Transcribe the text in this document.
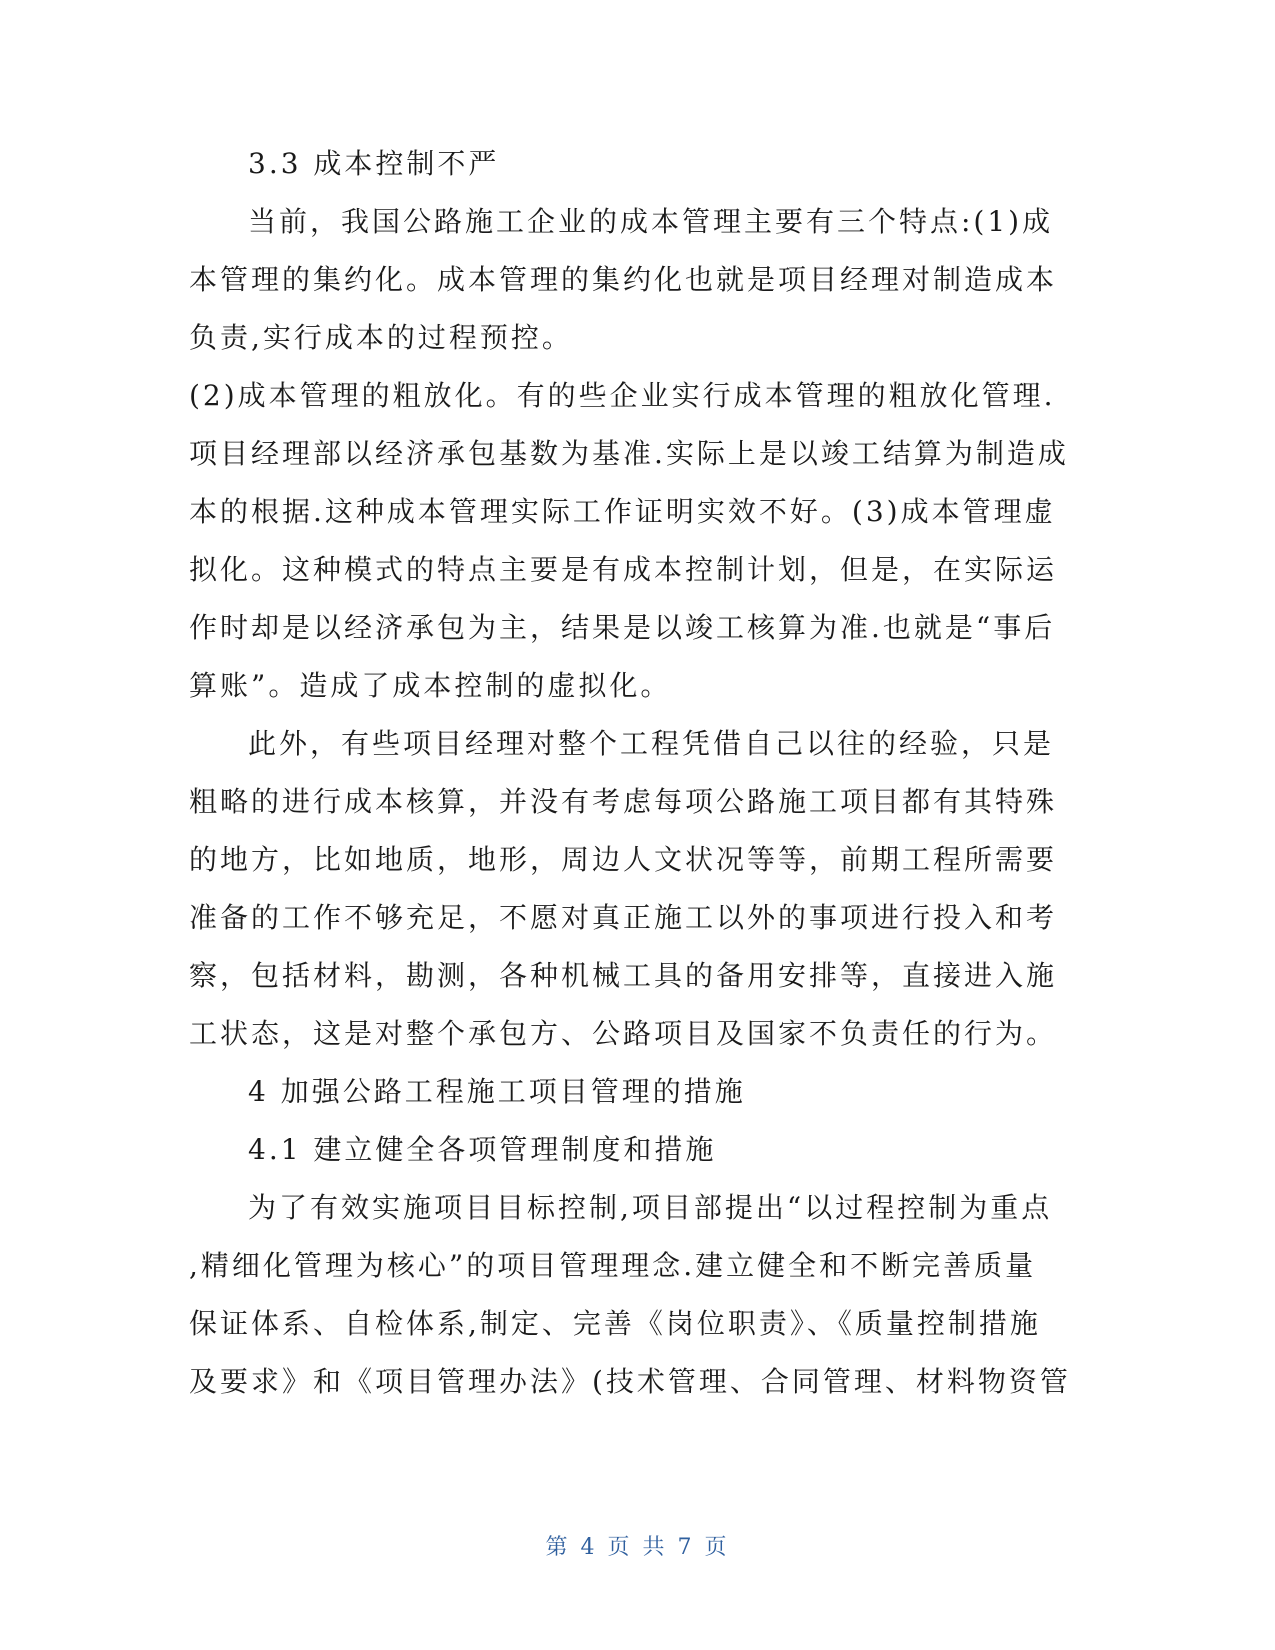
3.3 成本控制不严
当前，我国公路施工企业的成本管理主要有三个特点:(1)成
本管理的集约化。成本管理的集约化也就是项目经理对制造成本
负责,实行成本的过程预控。
(2)成本管理的粗放化。有的些企业实行成本管理的粗放化管理.
项目经理部以经济承包基数为基准.实际上是以竣工结算为制造成
本的根据.这种成本管理实际工作证明实效不好。(3)成本管理虚
拟化。这种模式的特点主要是有成本控制计划，但是，在实际运
作时却是以经济承包为主，结果是以竣工核算为准.也就是“事后
算账”。造成了成本控制的虚拟化。
此外，有些项目经理对整个工程凭借自己以往的经验，只是
粗略的进行成本核算，并没有考虑每项公路施工项目都有其特殊
的地方，比如地质，地形，周边人文状况等等，前期工程所需要
准备的工作不够充足，不愿对真正施工以外的事项进行投入和考
察，包括材料，勘测，各种机械工具的备用安排等，直接进入施
工状态，这是对整个承包方、公路项目及国家不负责任的行为。
4 加强公路工程施工项目管理的措施
4.1 建立健全各项管理制度和措施
为了有效实施项目目标控制,项目部提出“以过程控制为重点
,精细化管理为核心”的项目管理理念.建立健全和不断完善质量
保证体系、自检体系,制定、完善《岗位职责》、《质量控制措施
及要求》和《项目管理办法》(技术管理、合同管理、材料物资管
第 4 页 共 7 页
